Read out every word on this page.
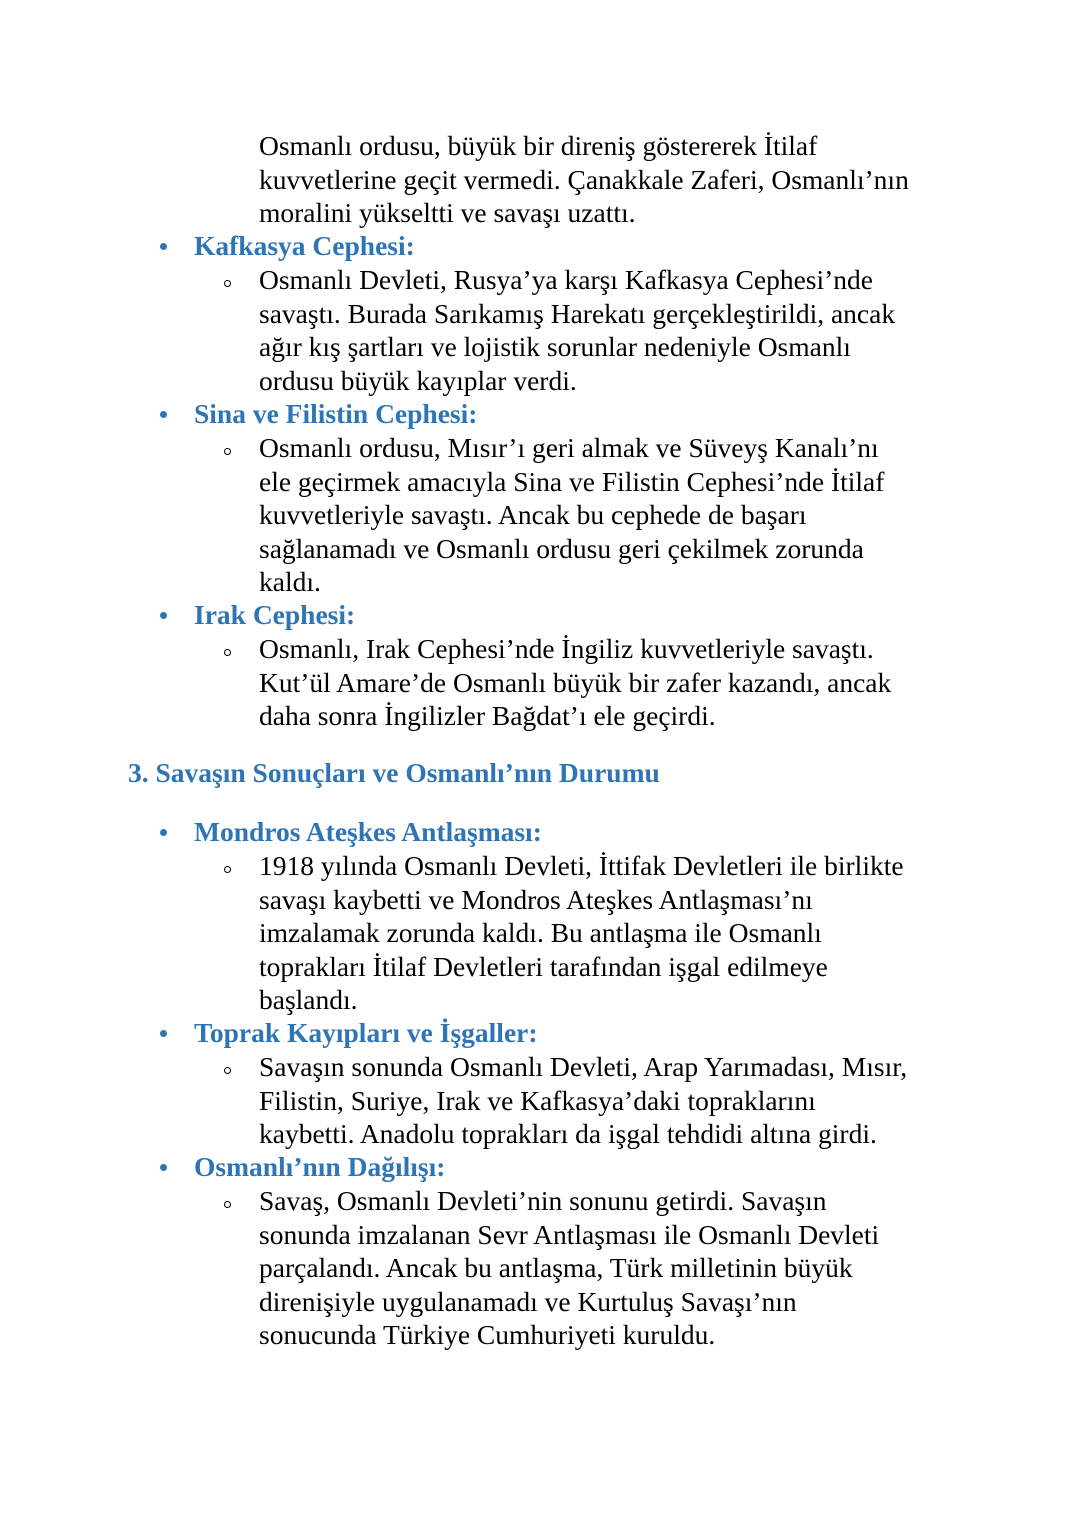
Osmanlı ordusu, büyük bir direniş göstererek İtilaf
kuvvetlerine geçit vermedi. Çanakkale Zaferi, Osmanlı’nın
moralini yükseltti ve savaşı uzattı.
Kafkasya Cephesi:
Osmanlı Devleti, Rusya’ya karşı Kafkasya Cephesi’nde
savaştı. Burada Sarıkamış Harekatı gerçekleştirildi, ancak
ağır kış şartları ve lojistik sorunlar nedeniyle Osmanlı
ordusu büyük kayıplar verdi.
Sina ve Filistin Cephesi:
Osmanlı ordusu, Mısır’ı geri almak ve Süveyş Kanalı’nı
ele geçirmek amacıyla Sina ve Filistin Cephesi’nde İtilaf
kuvvetleriyle savaştı. Ancak bu cephede de başarı
sağlanamadı ve Osmanlı ordusu geri çekilmek zorunda
kaldı.
Irak Cephesi:
Osmanlı, Irak Cephesi’nde İngiliz kuvvetleriyle savaştı.
Kut’ül Amare’de Osmanlı büyük bir zafer kazandı, ancak
daha sonra İngilizler Bağdat’ı ele geçirdi.
3. Savaşın Sonuçları ve Osmanlı’nın Durumu
Mondros Ateşkes Antlaşması:
1918 yılında Osmanlı Devleti, İttifak Devletleri ile birlikte
savaşı kaybetti ve Mondros Ateşkes Antlaşması’nı
imzalamak zorunda kaldı. Bu antlaşma ile Osmanlı
toprakları İtilaf Devletleri tarafından işgal edilmeye
başlandı.
Toprak Kayıpları ve İşgaller:
Savaşın sonunda Osmanlı Devleti, Arap Yarımadası, Mısır,
Filistin, Suriye, Irak ve Kafkasya’daki topraklarını
kaybetti. Anadolu toprakları da işgal tehdidi altına girdi.
Osmanlı’nın Dağılışı:
Savaş, Osmanlı Devleti’nin sonunu getirdi. Savaşın
sonunda imzalanan Sevr Antlaşması ile Osmanlı Devleti
parçalandı. Ancak bu antlaşma, Türk milletinin büyük
direnişiyle uygulanamadı ve Kurtuluş Savaşı’nın
sonucunda Türkiye Cumhuriyeti kuruldu.
